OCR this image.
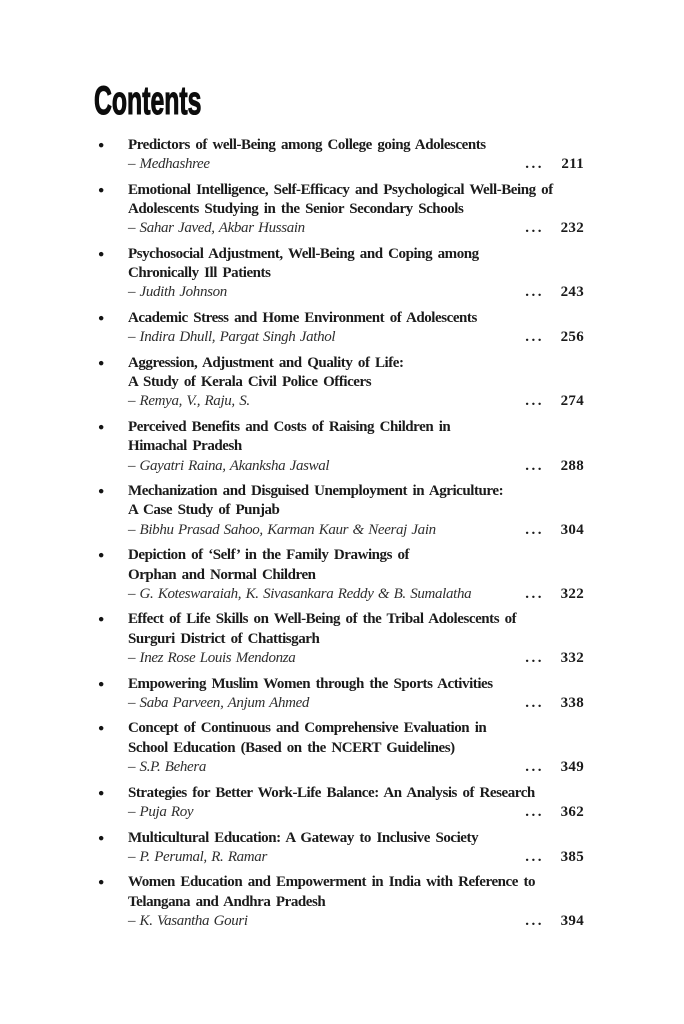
Contents
●	Predictors of well-Being among College going Adolescents
– Medhashree	...	211
●	Emotional Intelligence, Self-Efficacy and Psychological Well-Being of
Adolescents Studying in the Senior Secondary Schools
– Sahar Javed, Akbar Hussain	...	232
●	Psychosocial Adjustment, Well-Being and Coping among
Chronically Ill Patients
– Judith Johnson	...	243
●	Academic Stress and Home Environment of Adolescents
– Indira Dhull, Pargat Singh Jathol	...	256
●	Aggression, Adjustment and Quality of Life:
A Study of Kerala Civil Police Officers
– Remya, V., Raju, S.	...	274
●	Perceived Benefits and Costs of Raising Children in
Himachal Pradesh
– Gayatri Raina, Akanksha Jaswal	...	288
●	Mechanization and Disguised Unemployment in Agriculture:
A Case Study of Punjab
– Bibhu Prasad Sahoo, Karman Kaur & Neeraj Jain	...	304
●	Depiction of ‘Self’ in the Family Drawings of
Orphan and Normal Children
– G. Koteswaraiah, K. Sivasankara Reddy & B. Sumalatha	...	322
●	Effect of Life Skills on Well-Being of the Tribal Adolescents of
Surguri District of Chattisgarh
– Inez Rose Louis Mendonza	...	332
●	Empowering Muslim Women through the Sports Activities
– Saba Parveen, Anjum Ahmed	...	338
●	Concept of Continuous and Comprehensive Evaluation in
School Education (Based on the NCERT Guidelines)
– S.P. Behera	...	349
●	Strategies for Better Work-Life Balance: An Analysis of Research
– Puja Roy	...	362
●	Multicultural Education: A Gateway to Inclusive Society
– P. Perumal, R. Ramar	...	385
●	Women Education and Empowerment in India with Reference to
Telangana and Andhra Pradesh
– K. Vasantha Gouri	...	394
